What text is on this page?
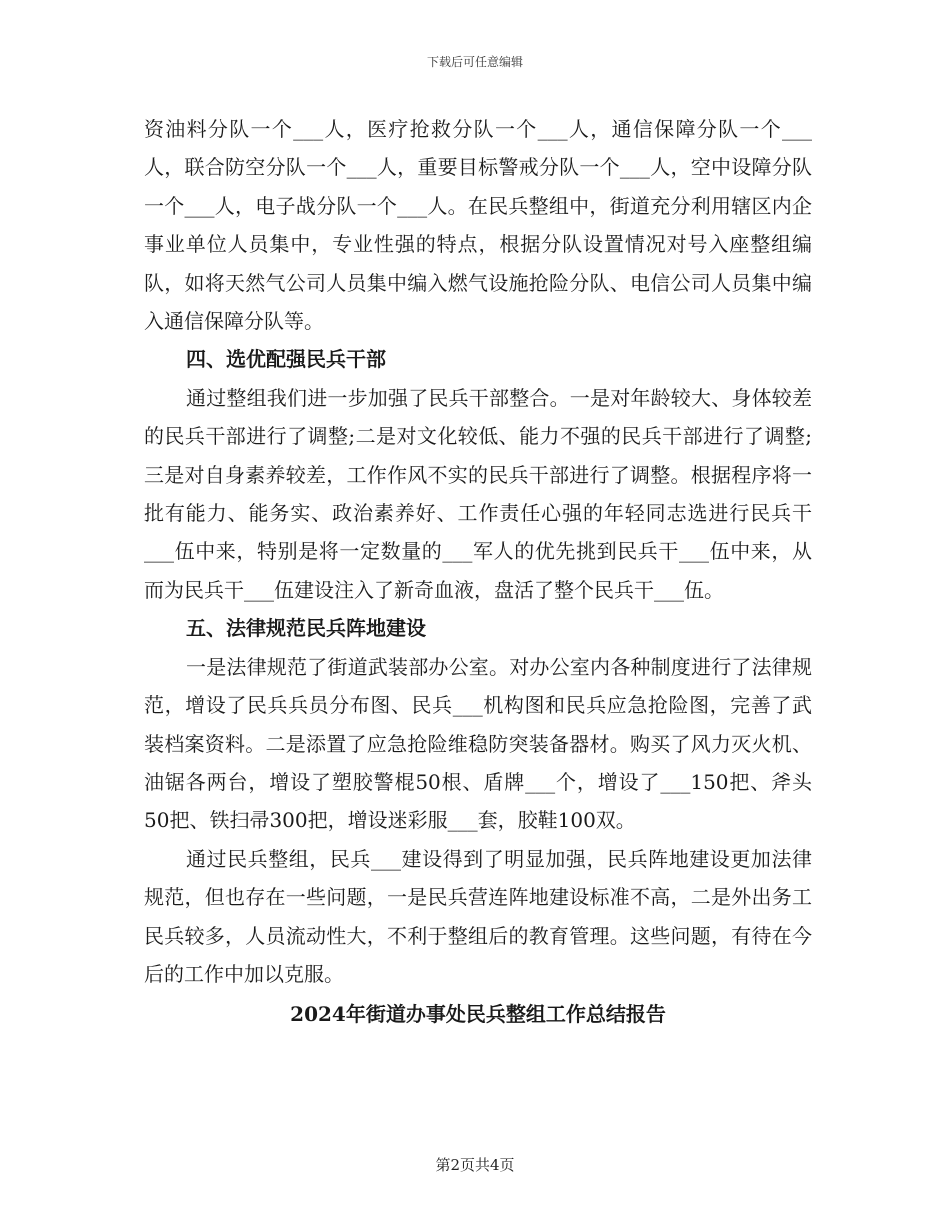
下载后可任意编辑

资油料分队一个___人，医疗抢救分队一个___人，通信保障分队一个___人，联合防空分队一个___人，重要目标警戒分队一个___人，空中设障分队一个___人，电子战分队一个___人。在民兵整组中，街道充分利用辖区内企事业单位人员集中，专业性强的特点，根据分队设置情况对号入座整组编队，如将天然气公司人员集中编入燃气设施抢险分队、电信公司人员集中编入通信保障分队等。

四、选优配强民兵干部

通过整组我们进一步加强了民兵干部整合。一是对年龄较大、身体较差的民兵干部进行了调整;二是对文化较低、能力不强的民兵干部进行了调整;三是对自身素养较差，工作作风不实的民兵干部进行了调整。根据程序将一批有能力、能务实、政治素养好、工作责任心强的年轻同志选进行民兵干___伍中来，特别是将一定数量的___军人的优先挑到民兵干___伍中来，从而为民兵干___伍建设注入了新奇血液，盘活了整个民兵干___伍。

五、法律规范民兵阵地建设

一是法律规范了街道武装部办公室。对办公室内各种制度进行了法律规范，增设了民兵兵员分布图、民兵___机构图和民兵应急抢险图，完善了武装档案资料。二是添置了应急抢险维稳防突装备器材。购买了风力灭火机、油锯各两台，增设了塑胶警棍50根、盾牌___个，增设了___150把、斧头50把、铁扫帚300把，增设迷彩服___套，胶鞋100双。

通过民兵整组，民兵___建设得到了明显加强，民兵阵地建设更加法律规范，但也存在一些问题，一是民兵营连阵地建设标准不高，二是外出务工民兵较多，人员流动性大，不利于整组后的教育管理。这些问题，有待在今后的工作中加以克服。

2024年街道办事处民兵整组工作总结报告

第2页共4页
